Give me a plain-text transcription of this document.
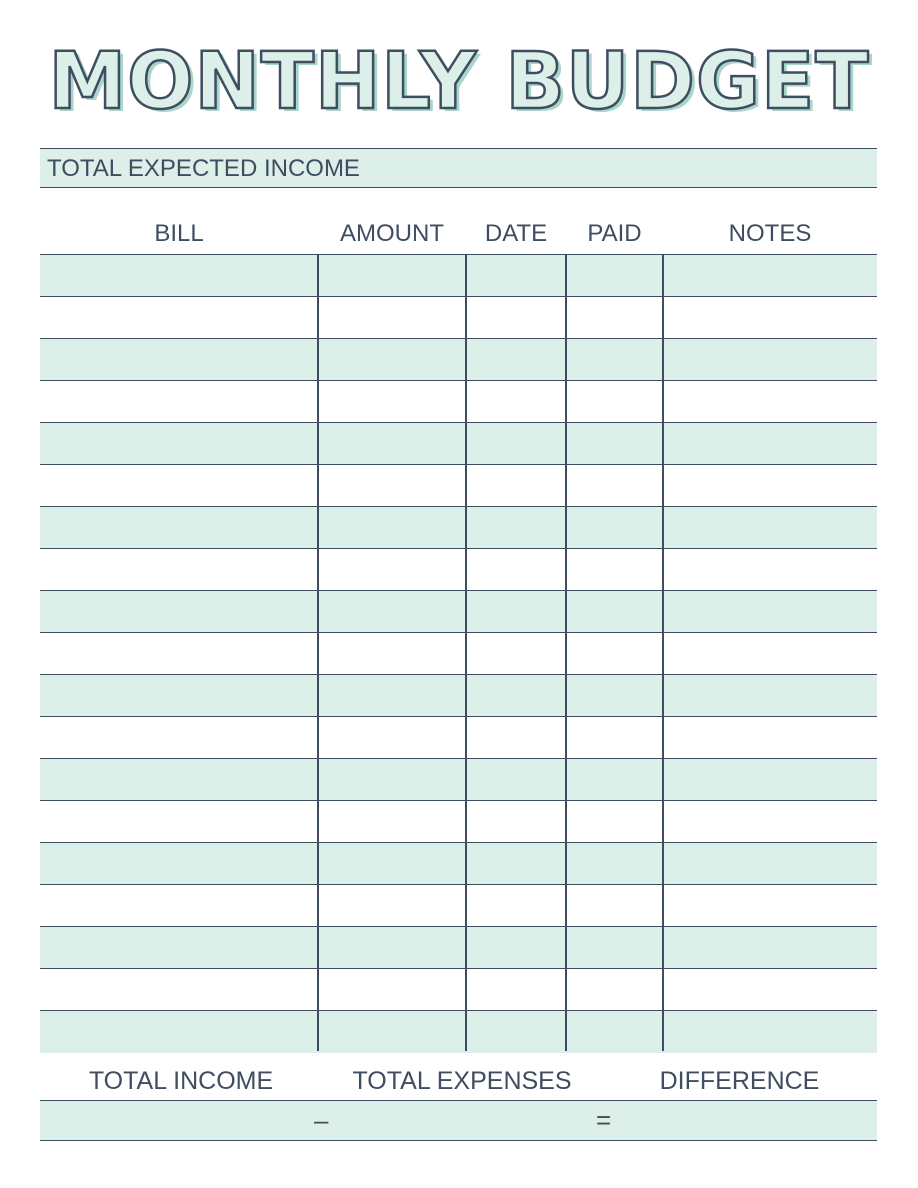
MONTHLY BUDGET
TOTAL EXPECTED INCOME
BILL	AMOUNT	DATE	PAID	NOTES
TOTAL INCOME	TOTAL EXPENSES	DIFFERENCE
–	=
